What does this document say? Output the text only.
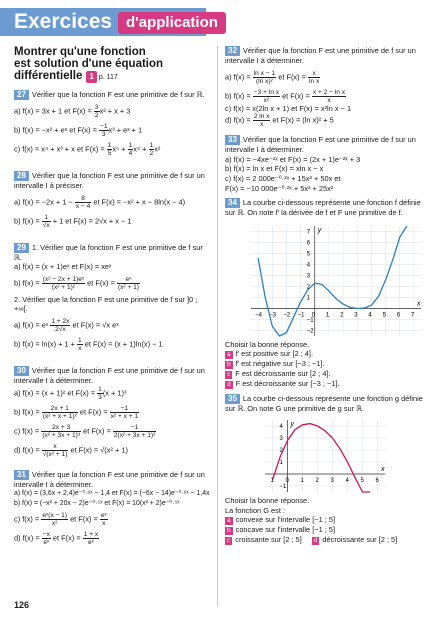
Exercices d'application
Montrer qu'une fonction
est solution d'une équation
différentielle 1 p. 117
27 Vérifier que la fonction F est une primitive de f sur ℝ.
a) f(x) = 3x + 1 et $F(x) = \frac{3}{2} x^2 + x + 3$
b) f(x) = −x² + eˣ et $F(x) = \frac{-1}{3} x^3$ + eˣ + 1
c) f(x) = x⁴ + x³ + x et $F(x) = \frac{1}{5} x^5 + \frac{1}{4} x^4 + \frac{1}{2} x^2$
28 Vérifier que la fonction F est une primitive de f sur un intervalle I à préciser.
a) $f(x) = -2x + 1 - \frac{8}{x - 4}$ et F(x) = −x² + x − 8ln(x − 4)
b) $f(x) = \frac{1}{√x} + 1$ et F(x) = 2√x + x − 1
29 1. Vérifier que la fonction F est une primitive de f sur ℝ.
a) f(x) = (x + 1)eˣ et F(x) = xeˣ
b) $f(x) = \frac{\text{(x² − 2x + 1)eˣ}}{\text{(x² + 1)²}}$ et $F(x) = \frac{\text{eˣ}}{\text{(x² + 1)}}$
2. Vérifier que la fonction F est une primitive de f sur ]0 ; +∞[.
a) f(x) = eˣ $\frac{1 + 2x}{2√x}$ et F(x) = √x eˣ
b) $f(x) = \ln(x) + 1 + \frac{1}{x}$ et F(x) = (x + 1)ln(x) − 1
30 Vérifier que la fonction F est une primitive de f sur un intervalle I à déterminer.
a) f(x) = (x + 1)² et $F(x) = \frac{1}{3} (x + 1)^3$
b) $f(x) = \frac{2x + 1}{\text{(x² + x + 1)²}}$ et $F(x) = \frac{-1}{\text{x² + x + 1}}$
c) $f(x) = \frac{2x + 3}{\text{(x² + 3x + 1)³}}$ et $F(x) = \frac{-1}{\text{2(x² + 3x + 1)²}}$
d) $f(x) = \frac{x}{\text{√(x² + 1)}}$ et F(x) = √(x² + 1)
31 Vérifier que la fonction F est une primitive de f sur un intervalle I à déterminer.
a) f(x) = (3,6x + 2,4)e⁻⁰·⁶ˣ − 1,4 et F(x) = (−6x − 14)e⁻⁰·⁶ˣ − 1,4x
b) f(x) = (−x² + 20x − 2)e⁻⁰·⁵ˣ et F(x) = 10(x² + 2)e⁻⁰·⁵ˣ
c) $f(x) = \frac{\text{eˣ(x − 1)}}{\text{x²}}$ et $F(x) = \frac{\text{eˣ}}{x}$
d) $f(x) = \frac{-x}{\text{eˣ}}$ et $F(x) = \frac{1 + x}{\text{eˣ}}$
32 Vérifier que la fonction F est une primitive de f sur un intervalle I à déterminer.
a) $f(x) = \frac{\text{ln x − 1}}{\text{(ln x)²}}$ et $F(x) = \frac{x}{\text{ln x}}$
b) $f(x) = \frac{\text{−3 + ln x}}{\text{x²}}$ et $F(x) = \frac{\text{x + 2 − ln x}}{x}$
c) f(x) = x(2ln x + 1) et F(x) = x²ln x − 1
d) $f(x) = \frac{\text{2 ln x}}{x}$ et F(x) = (ln x)² + 5
33 Vérifier que la fonction F est une primitive de f sur un intervalle I à déterminer.
a) f(x) = −4xe⁻²ˣ et F(x) = (2x + 1)e⁻²ˣ + 3
b) f(x) = ln x et F(x) = xln x − x
c) f(x) = 2 000e⁻⁰·²ˣ + 15x² + 50x et
F(x) = −10 000e⁻⁰·²ˣ + 5x³ + 25x²
34 La courbe ci-dessous représente une fonction f définie sur ℝ. On note f′ la dérivée de f et F une primitive de f.
x
y
−4 −3 −2 −1 0 1 2 3 4 5 6 7
−2
−1
1
2
3
4
5
6
7
Choisir la bonne réponse.
a f′ est positive sur [2 ; 4].
b f′ est négative sur [−3 ; −1].
c F est décroissante sur [2 ; 4].
d F est décroissante sur [−3 ; −1].
35 La courbe ci-dessous représente une fonction g définie sur ℝ. On note G une primitive de g sur ℝ.
x
y
1 0 1 2 3 4 5 6
−1
1
2
3
4
Choisir la bonne réponse.
La fonction G est :
a convexe sur l'intervalle [−1 ; 5]
b concave sur l'intervalle [−1 ; 5]
c croissante sur [2 ; 5] d décroissante sur [2 ; 5]
126
